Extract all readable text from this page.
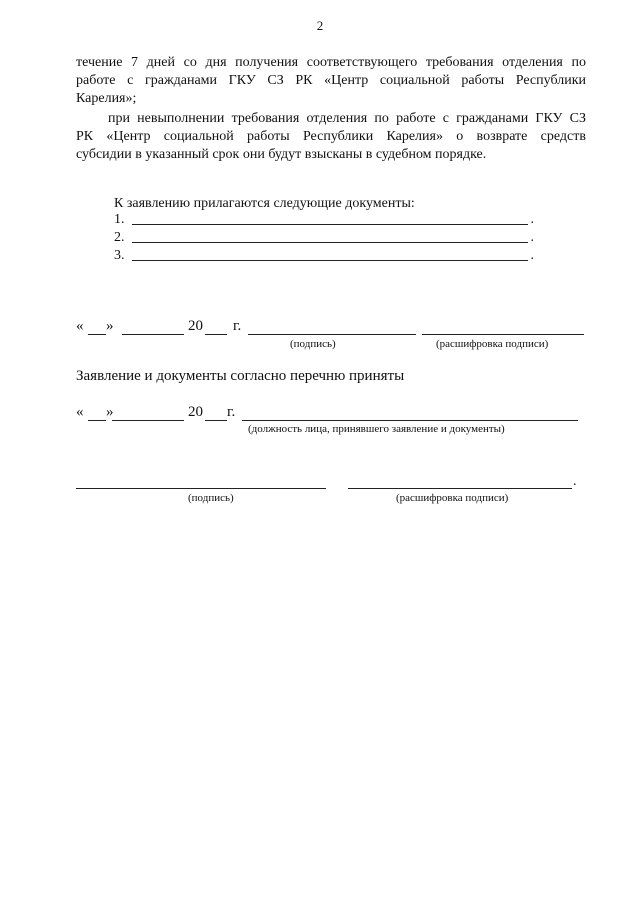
2
течение 7 дней со дня получения соответствующего требования отделения по
работе с гражданами ГКУ СЗ РК «Центр социальной работы Республики
Карелия»;
при невыполнении требования отделения по работе с гражданами ГКУ СЗ
РК «Центр социальной работы Республики Карелия» о возврате средств
субсидии в указанный срок они будут взысканы в судебном порядке.
К заявлению прилагаются следующие документы:
1.	.
2.	.
3.	.
« »	20 г.
(подпись)	(расшифровка подписи)
Заявление и документы согласно перечню приняты
« »	20 г.
(должность лица, принявшего заявление и документы)
.
(подпись)	(расшифровка подписи)
